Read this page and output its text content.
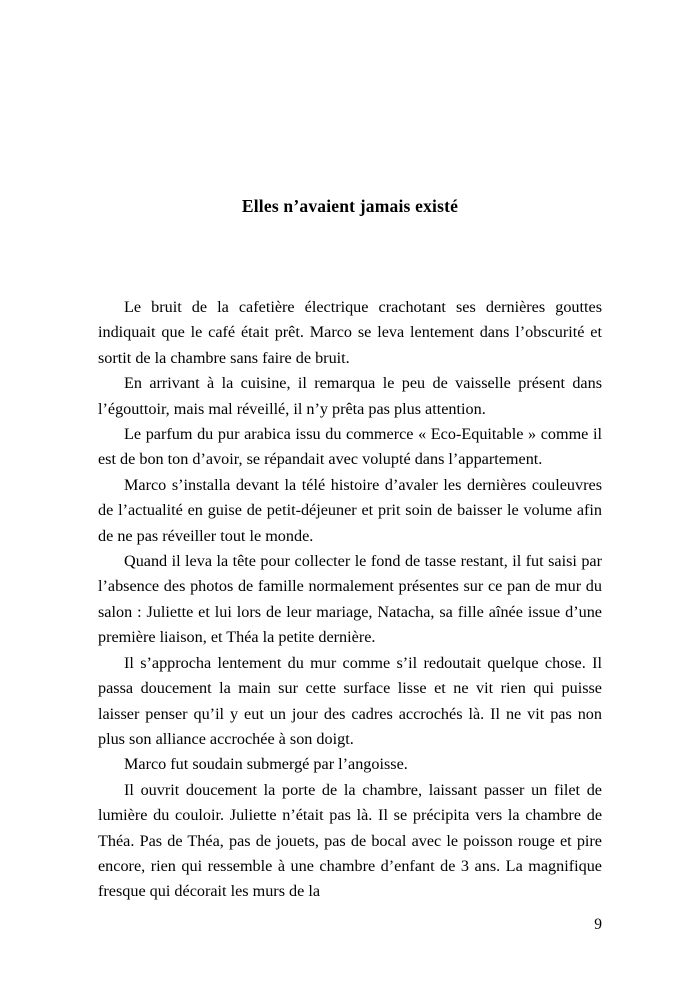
Elles n’avaient jamais existé

Le bruit de la cafetière électrique crachotant ses dernières gouttes indiquait que le café était prêt. Marco se leva lentement dans l’obscurité et sortit de la chambre sans faire de bruit.

En arrivant à la cuisine, il remarqua le peu de vaisselle présent dans l’égouttoir, mais mal réveillé, il n’y prêta pas plus attention.

Le parfum du pur arabica issu du commerce « Eco-Equitable » comme il est de bon ton d’avoir, se répandait avec volupté dans l’appartement.

Marco s’installa devant la télé histoire d’avaler les dernières couleuvres de l’actualité en guise de petit-déjeuner et prit soin de baisser le volume afin de ne pas réveiller tout le monde.

Quand il leva la tête pour collecter le fond de tasse restant, il fut saisi par l’absence des photos de famille normalement présentes sur ce pan de mur du salon : Juliette et lui lors de leur mariage, Natacha, sa fille aînée issue d’une première liaison, et Théa la petite dernière.

Il s’approcha lentement du mur comme s’il redoutait quelque chose. Il passa doucement la main sur cette surface lisse et ne vit rien qui puisse laisser penser qu’il y eut un jour des cadres accrochés là. Il ne vit pas non plus son alliance accrochée à son doigt.

Marco fut soudain submergé par l’angoisse.

Il ouvrit doucement la porte de la chambre, laissant passer un filet de lumière du couloir. Juliette n’était pas là. Il se précipita vers la chambre de Théa. Pas de Théa, pas de jouets, pas de bocal avec le poisson rouge et pire encore, rien qui ressemble à une chambre d’enfant de 3 ans. La magnifique fresque qui décorait les murs de la

9
